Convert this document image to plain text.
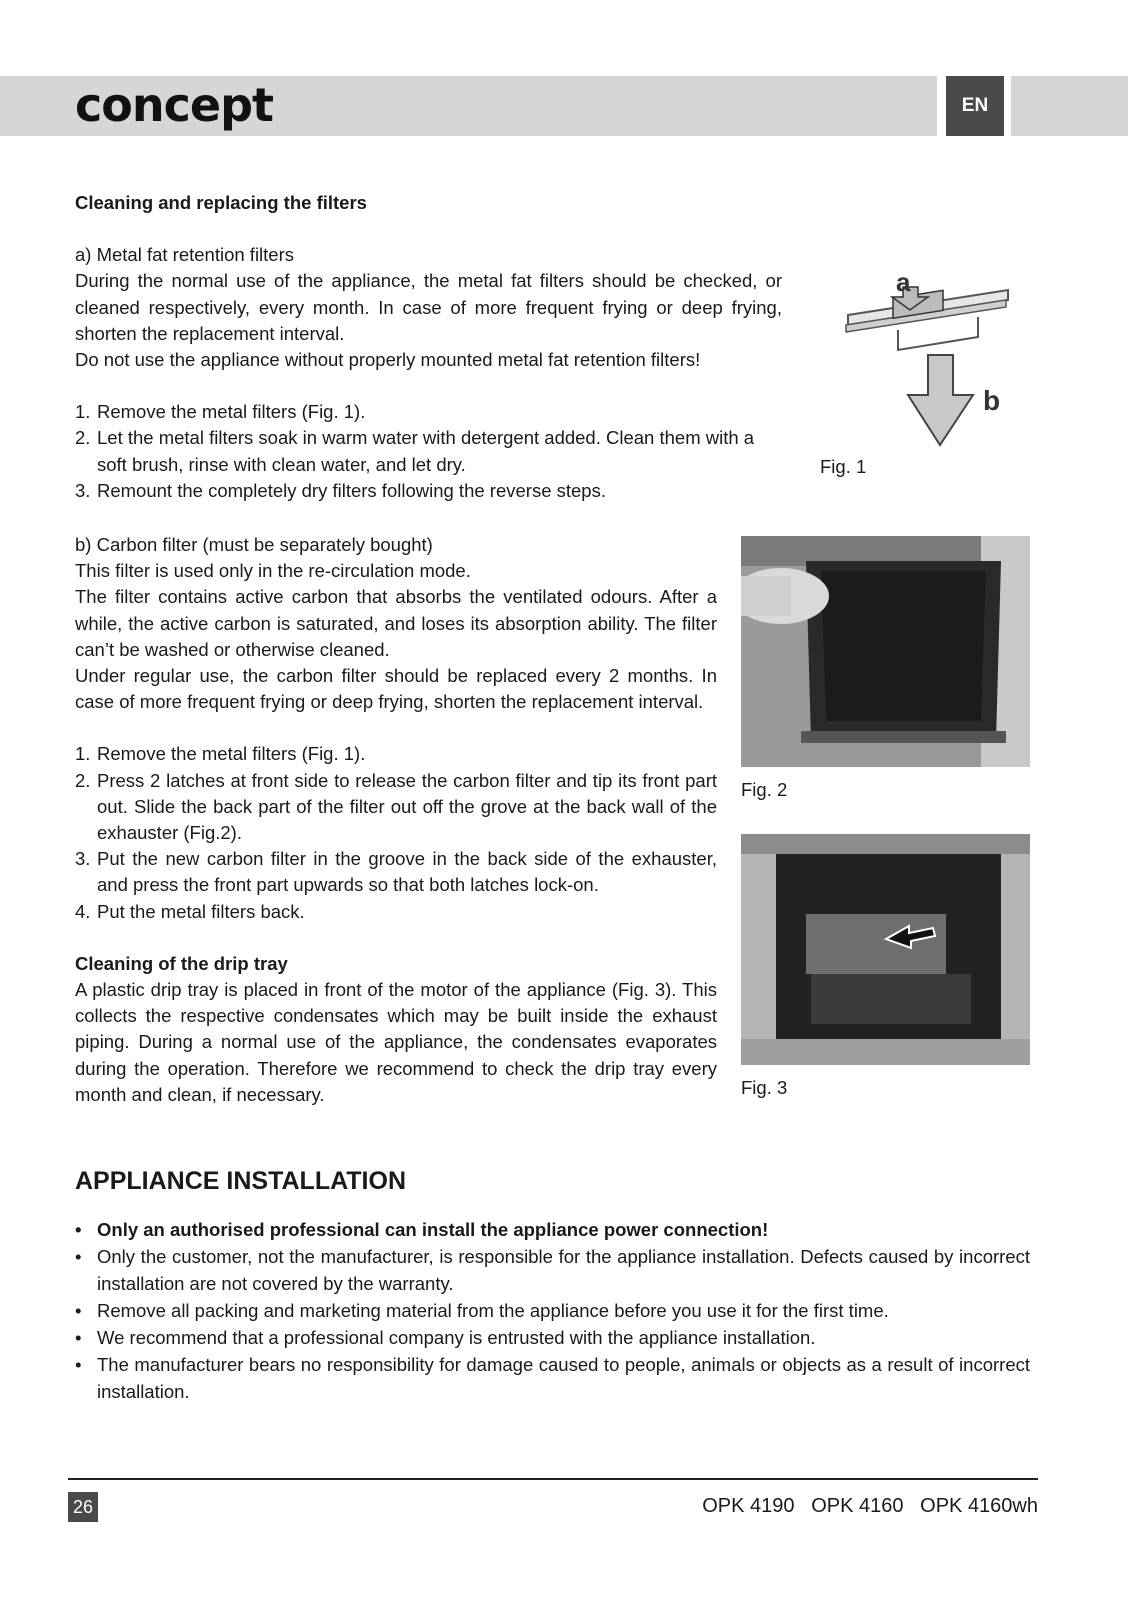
EN
concept

Cleaning and replacing the filters

a) Metal fat retention filters

During the normal use of the appliance, the metal fat filters should be checked, or cleaned respectively, every month. In case of more frequent frying or deep frying, shorten the replacement interval.

Do not use the appliance without properly mounted metal fat retention filters!

1. Remove the metal filters (Fig. 1).
2. Let the metal filters soak in warm water with detergent added. Clean them with a soft brush, rinse with clean water, and let dry.
3. Remount the completely dry filters following the reverse steps.
a
b
Fig. 1

b) Carbon filter (must be separately bought)

This filter is used only in the re-circulation mode.

The filter contains active carbon that absorbs the ventilated odours. After a while, the active carbon is saturated, and loses its absorption ability. The filter can’t be washed or otherwise cleaned.

Under regular use, the carbon filter should be replaced every 2 months. In case of more frequent frying or deep frying, shorten the replacement interval.

1. Remove the metal filters (Fig. 1).
2. Press 2 latches at front side to release the carbon filter and tip its front part out. Slide the back part of the filter out off the grove at the back wall of the exhauster (Fig.2).
3. Put the new carbon filter in the groove in the back side of the exhauster, and press the front part upwards so that both latches lock-on.
4. Put the metal filters back.

Cleaning of the drip tray

A plastic drip tray is placed in front of the motor of the appliance (Fig. 3). This collects the respective condensates which may be built inside the exhaust piping. During a normal use of the appliance, the condensates evaporates during the operation. Therefore we recommend to check the drip tray every month and clean, if necessary.

Fig. 2
Fig. 3
APPLIANCE INSTALLATION
• Only an authorised professional can install the appliance power connection!
• Only the customer, not the manufacturer, is responsible for the appliance installation. Defects caused by incorrect installation are not covered by the warranty.
• Remove all packing and marketing material from the appliance before you use it for the first time.
• We recommend that a professional company is entrusted with the appliance installation.
• The manufacturer bears no responsibility for damage caused to people, animals or objects as a result of incorrect installation.
26	OPK 4190   OPK 4160   OPK 4160wh
